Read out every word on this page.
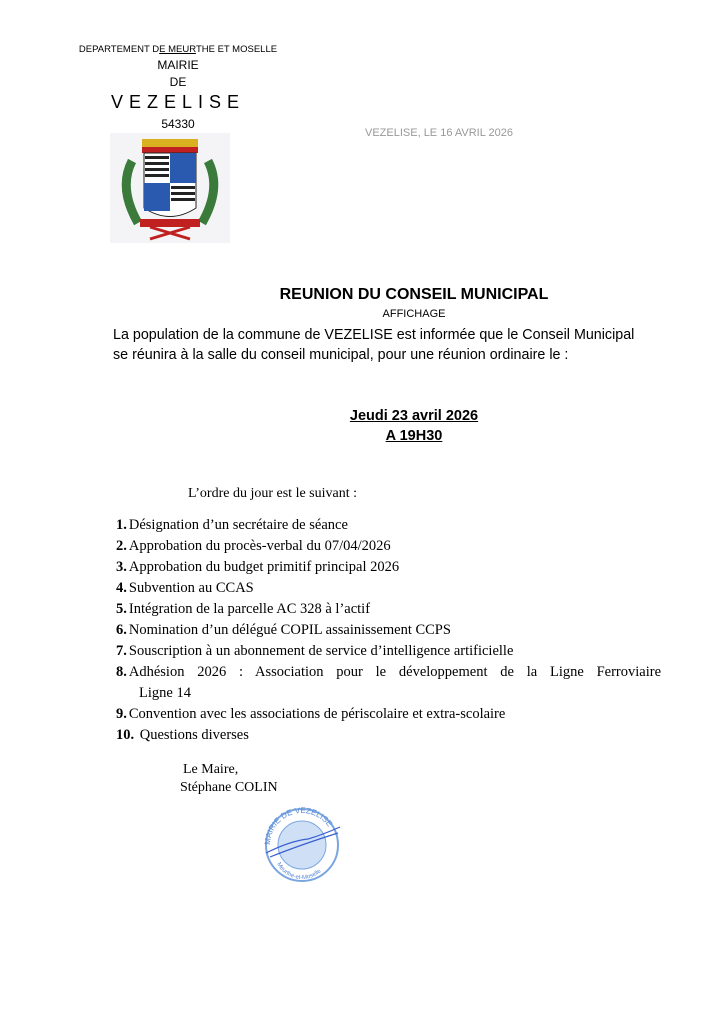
DEPARTEMENT DE MEURTHE ET MOSELLE
MAIRIE
DE
VEZELISE
54330
VEZELISE, LE 16 AVRIL 2026
REUNION DU CONSEIL MUNICIPAL
AFFICHAGE
La population de la commune de VEZELISE est informée que le Conseil Municipal se réunira à la salle du conseil municipal, pour une réunion ordinaire le :
Jeudi 23 avril 2026
A 19H30
L’ordre du jour est le suivant :
1. Désignation d’un secrétaire de séance
2. Approbation du procès-verbal du 07/04/2026
3. Approbation du budget primitif principal 2026
4. Subvention au CCAS
5. Intégration de la parcelle AC 328 à l’actif
6. Nomination d’un délégué COPIL assainissement CCPS
7. Souscription à un abonnement de service d’intelligence artificielle
8. Adhésion 2026 : Association pour le développement de la Ligne Ferroviaire
Ligne 14
9. Convention avec les associations de périscolaire et extra-scolaire
10. Questions diverses
Le Maire,
Stéphane COLIN
MAIRIE DE VEZELISE
Meurthe-et-Moselle
